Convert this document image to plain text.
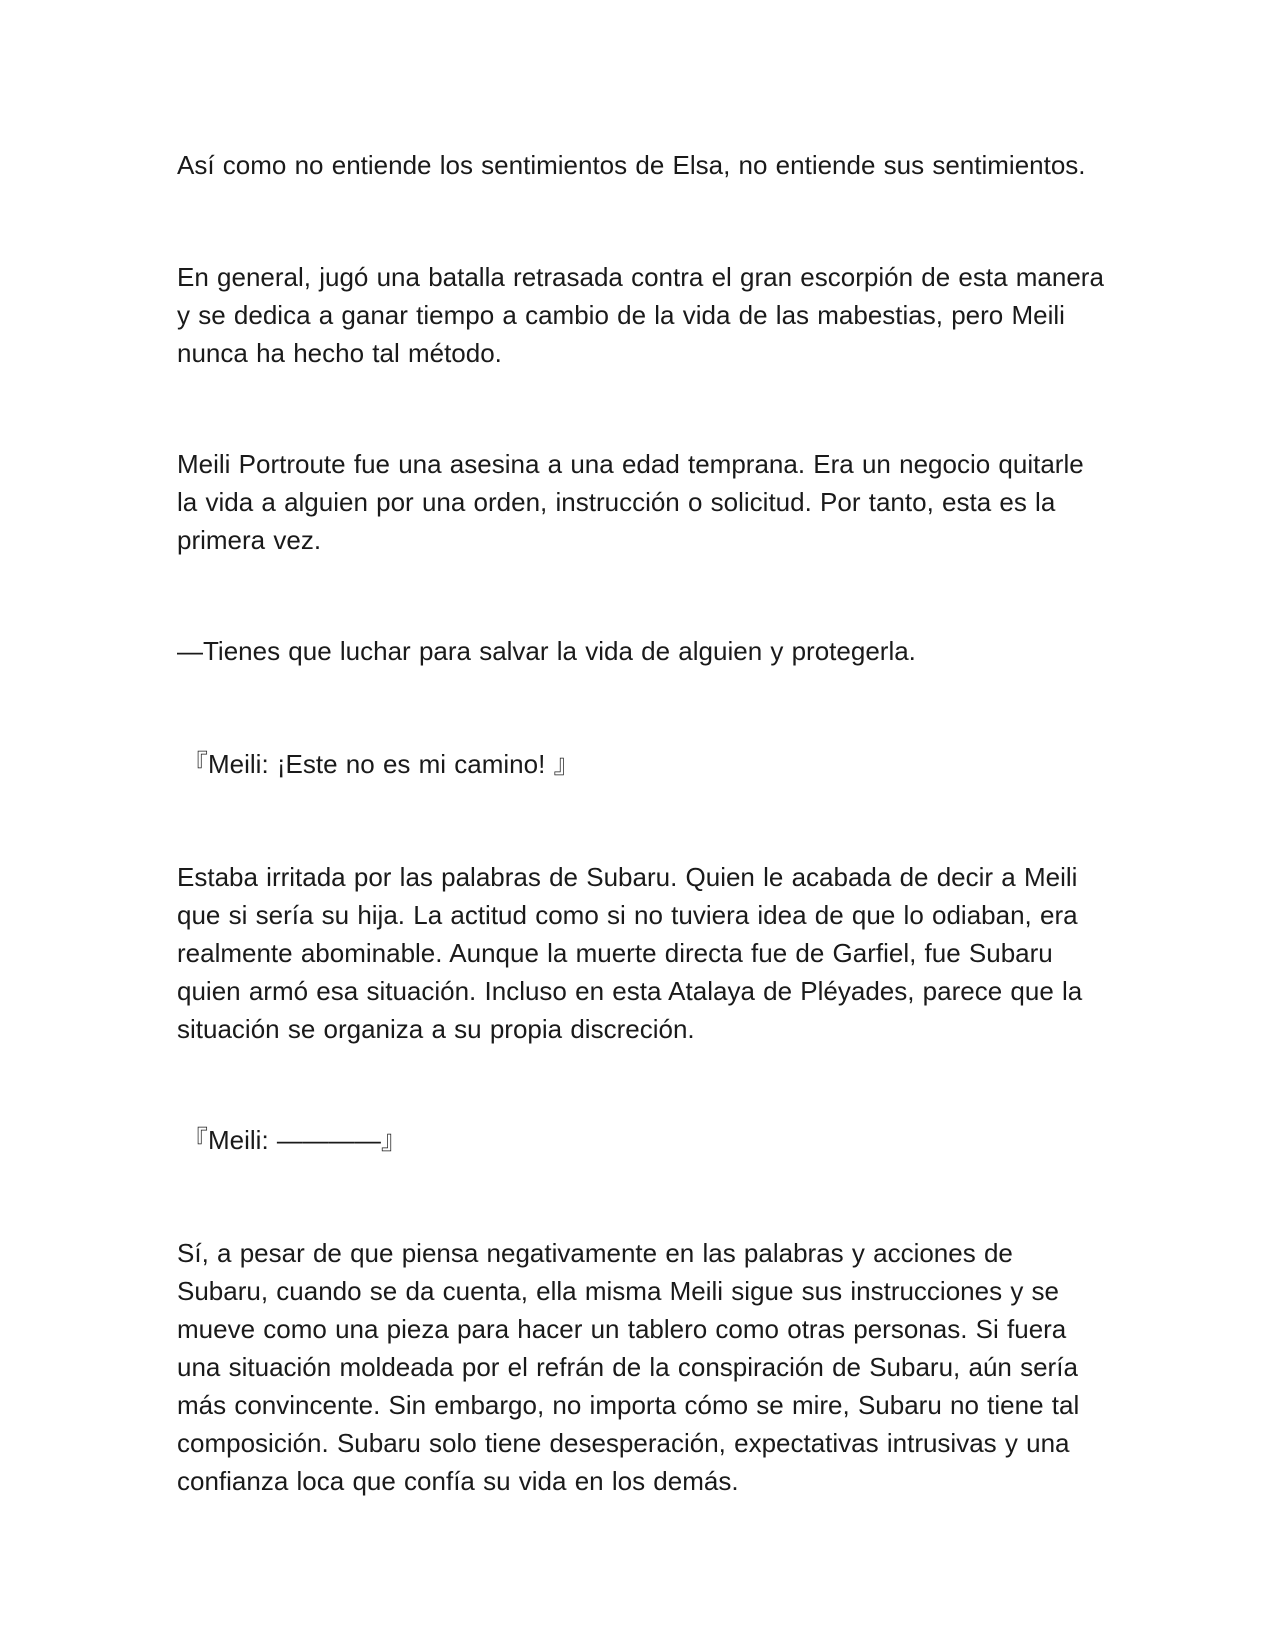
Así como no entiende los sentimientos de Elsa, no entiende sus sentimientos.

En general, jugó una batalla retrasada contra el gran escorpión de esta manera y se dedica a ganar tiempo a cambio de la vida de las mabestias, pero Meili nunca ha hecho tal método.

Meili Portroute fue una asesina a una edad temprana. Era un negocio quitarle la vida a alguien por una orden, instrucción o solicitud. Por tanto, esta es la primera vez.

—Tienes que luchar para salvar la vida de alguien y protegerla.

『Meili: ¡Este no es mi camino! 』

Estaba irritada por las palabras de Subaru. Quien le acabada de decir a Meili que si sería su hija. La actitud como si no tuviera idea de que lo odiaban, era realmente abominable. Aunque la muerte directa fue de Garfiel, fue Subaru quien armó esa situación. Incluso en esta Atalaya de Pléyades, parece que la situación se organiza a su propia discreción.

『Meili: ————』

Sí, a pesar de que piensa negativamente en las palabras y acciones de Subaru, cuando se da cuenta, ella misma Meili sigue sus instrucciones y se mueve como una pieza para hacer un tablero como otras personas. Si fuera una situación moldeada por el refrán de la conspiración de Subaru, aún sería más convincente. Sin embargo, no importa cómo se mire, Subaru no tiene tal composición. Subaru solo tiene desesperación, expectativas intrusivas y una confianza loca que confía su vida en los demás.
